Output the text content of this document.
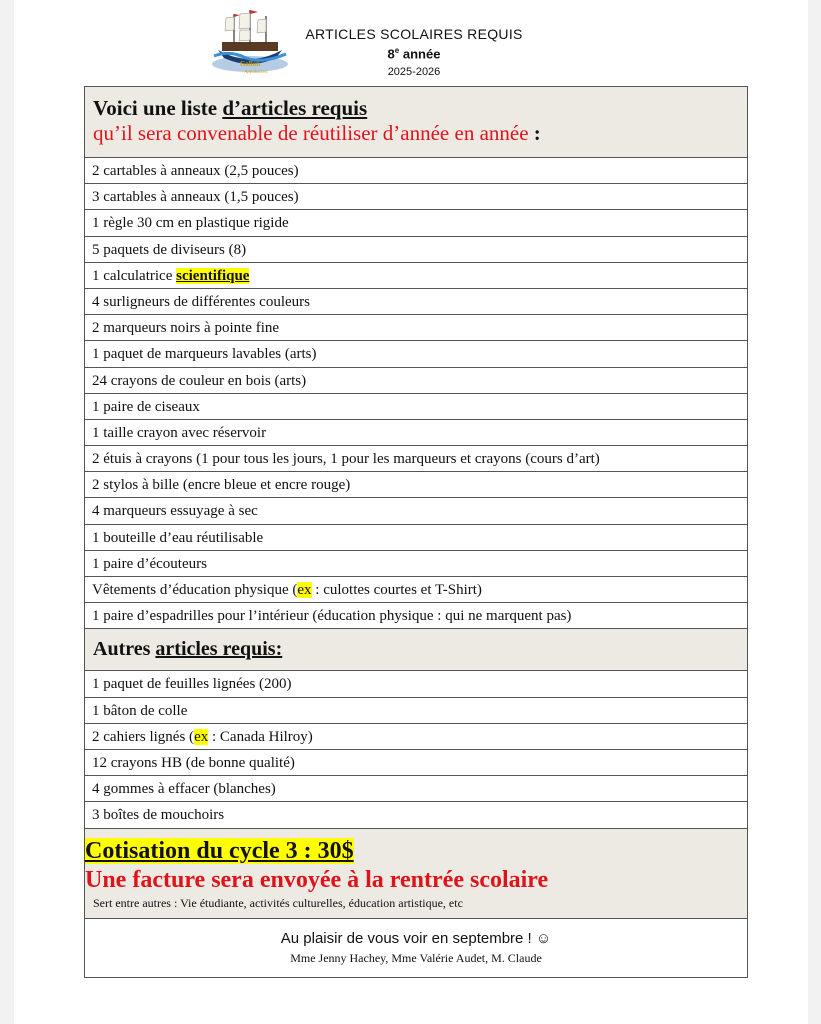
Galion
Appalaches
ARTICLES SCOLAIRES REQUIS
8e année
2025-2026
Voici une liste d’articles requis
qu’il sera convenable de réutiliser d’année en année :
2 cartables à anneaux (2,5 pouces)
3 cartables à anneaux (1,5 pouces)
1 règle 30 cm en plastique rigide
5 paquets de diviseurs (8)
1 calculatrice scientifique
4 surligneurs de différentes couleurs
2 marqueurs noirs à pointe fine
1 paquet de marqueurs lavables (arts)
24 crayons de couleur en bois (arts)
1 paire de ciseaux
1 taille crayon avec réservoir
2 étuis à crayons (1 pour tous les jours, 1 pour les marqueurs et crayons (cours d’art)
2 stylos à bille (encre bleue et encre rouge)
4 marqueurs essuyage à sec
1 bouteille d’eau réutilisable
1 paire d’écouteurs
Vêtements d’éducation physique (ex : culottes courtes et T-Shirt)
1 paire d’espadrilles pour l’intérieur (éducation physique : qui ne marquent pas)
Autres articles requis:
1 paquet de feuilles lignées (200)
1 bâton de colle
2 cahiers lignés (ex : Canada Hilroy)
12 crayons HB (de bonne qualité)
4 gommes à effacer (blanches)
3 boîtes de mouchoirs
Cotisation du cycle 3 : 30$
Une facture sera envoyée à la rentrée scolaire
Sert entre autres : Vie étudiante, activités culturelles, éducation artistique, etc
Au plaisir de vous voir en septembre ! ☺
Mme Jenny Hachey, Mme Valérie Audet, M. Claude
